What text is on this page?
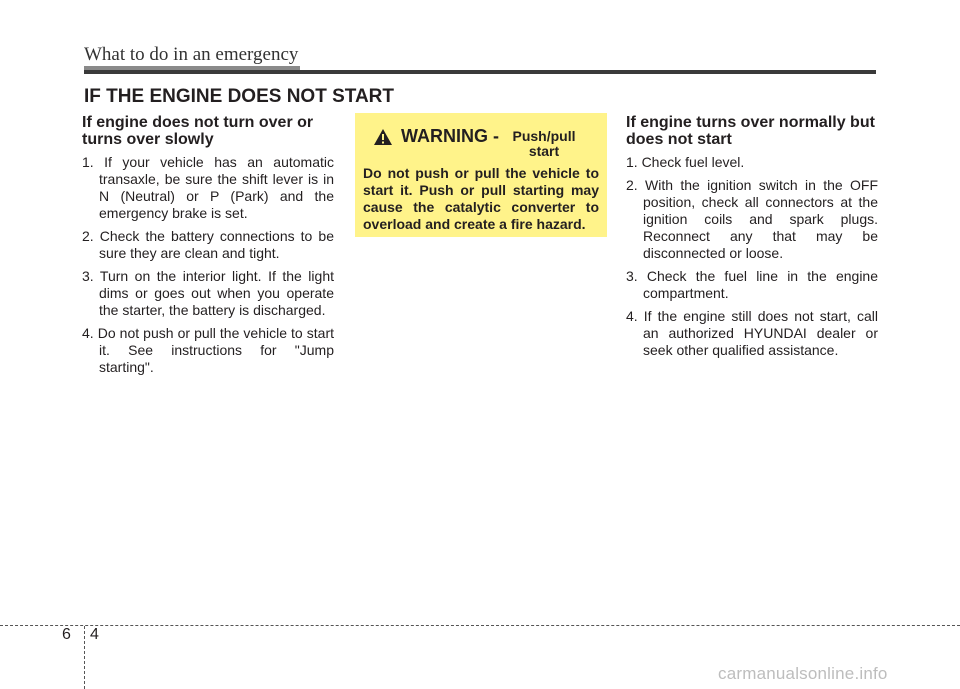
What to do in an emergency
IF THE ENGINE DOES NOT START
If engine does not turn over or turns over slowly
1. If your vehicle has an automatic transaxle, be sure the shift lever is in N (Neutral) or P (Park) and the emergency brake is set.
2. Check the battery connections to be sure they are clean and tight.
3. Turn on the interior light. If the light dims or goes out when you operate the starter, the battery is discharged.
4. Do not push or pull the vehicle to start it. See instructions for "Jump starting".
WARNING - Push/pull start

Do not push or pull the vehicle to start it. Push or pull starting may cause the catalytic converter to overload and create a fire hazard.

If engine turns over normally but does not start
1. Check fuel level.
2. With the ignition switch in the OFF position, check all connectors at the ignition coils and spark plugs. Reconnect any that may be disconnected or loose.
3. Check the fuel line in the engine compartment.
4. If the engine still does not start, call an authorized HYUNDAI dealer or seek other qualified assistance.
6 4
carmanualsonline.info
